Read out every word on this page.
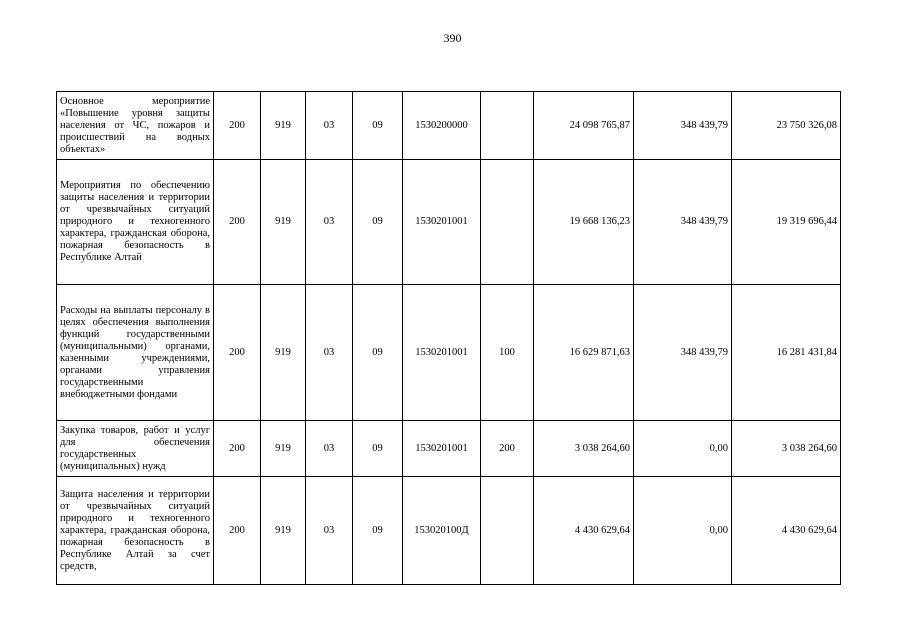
390
Основное мероприятие «Повышение уровня защиты населения от ЧС, пожаров и происшествий на водных объектах»	200	919	03	09	1530200000		24 098 765,87	348 439,79	23 750 326,08
Мероприятия по обеспечению защиты населения и территории от чрезвычайных ситуаций природного и техногенного характера, гражданская оборона, пожарная безопасность в Республике Алтай	200	919	03	09	1530201001		19 668 136,23	348 439,79	19 319 696,44
Расходы на выплаты персоналу в целях обеспечения выполнения функций государственными (муниципальными) органами, казенными учреждениями, органами управления государственными внебюджетными фондами	200	919	03	09	1530201001	100	16 629 871,63	348 439,79	16 281 431,84
Закупка товаров, работ и услуг для обеспечения государственных (муниципальных) нужд	200	919	03	09	1530201001	200	3 038 264,60	0,00	3 038 264,60
Защита населения и территории от чрезвычайных ситуаций природного и техногенного характера, гражданская оборона, пожарная безопасность в Республике Алтай за счет средств,	200	919	03	09	153020100Д		4 430 629,64	0,00	4 430 629,64
